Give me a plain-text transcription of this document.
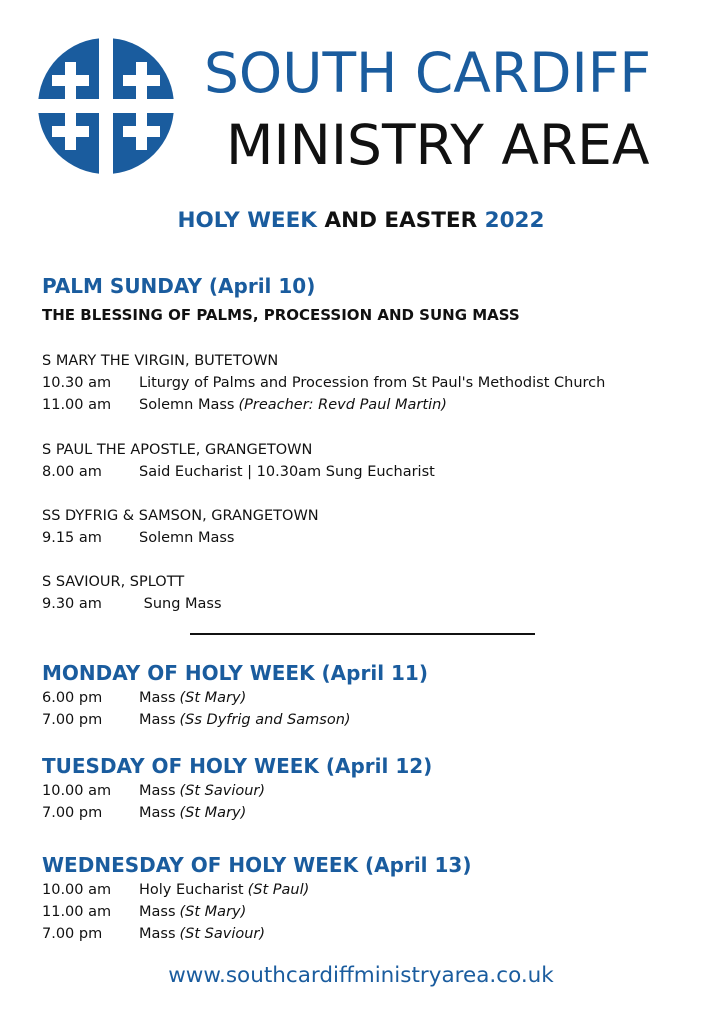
SOUTH CARDIFF
MINISTRY AREA
HOLY WEEK AND EASTER 2022
PALM SUNDAY (April 10)
THE BLESSING OF PALMS, PROCESSION AND SUNG MASS
S MARY THE VIRGIN, BUTETOWN
10.30 am	Liturgy of Palms and Procession from St Paul's Methodist Church
11.00 am	Solemn Mass (Preacher: Revd Paul Martin)
S PAUL THE APOSTLE, GRANGETOWN
8.00 am	Said Eucharist | 10.30am Sung Eucharist
SS DYFRIG & SAMSON, GRANGETOWN
9.15 am	Solemn Mass
S SAVIOUR, SPLOTT
9.30 am	Sung Mass
MONDAY OF HOLY WEEK (April 11)
6.00 pm	Mass (St Mary)
7.00 pm	Mass (Ss Dyfrig and Samson)
TUESDAY OF HOLY WEEK (April 12)
10.00 am	Mass (St Saviour)
7.00 pm	Mass (St Mary)
WEDNESDAY OF HOLY WEEK (April 13)
10.00 am	Holy Eucharist (St Paul)
11.00 am	Mass (St Mary)
7.00 pm	Mass (St Saviour)
www.southcardiffministryarea.co.uk
